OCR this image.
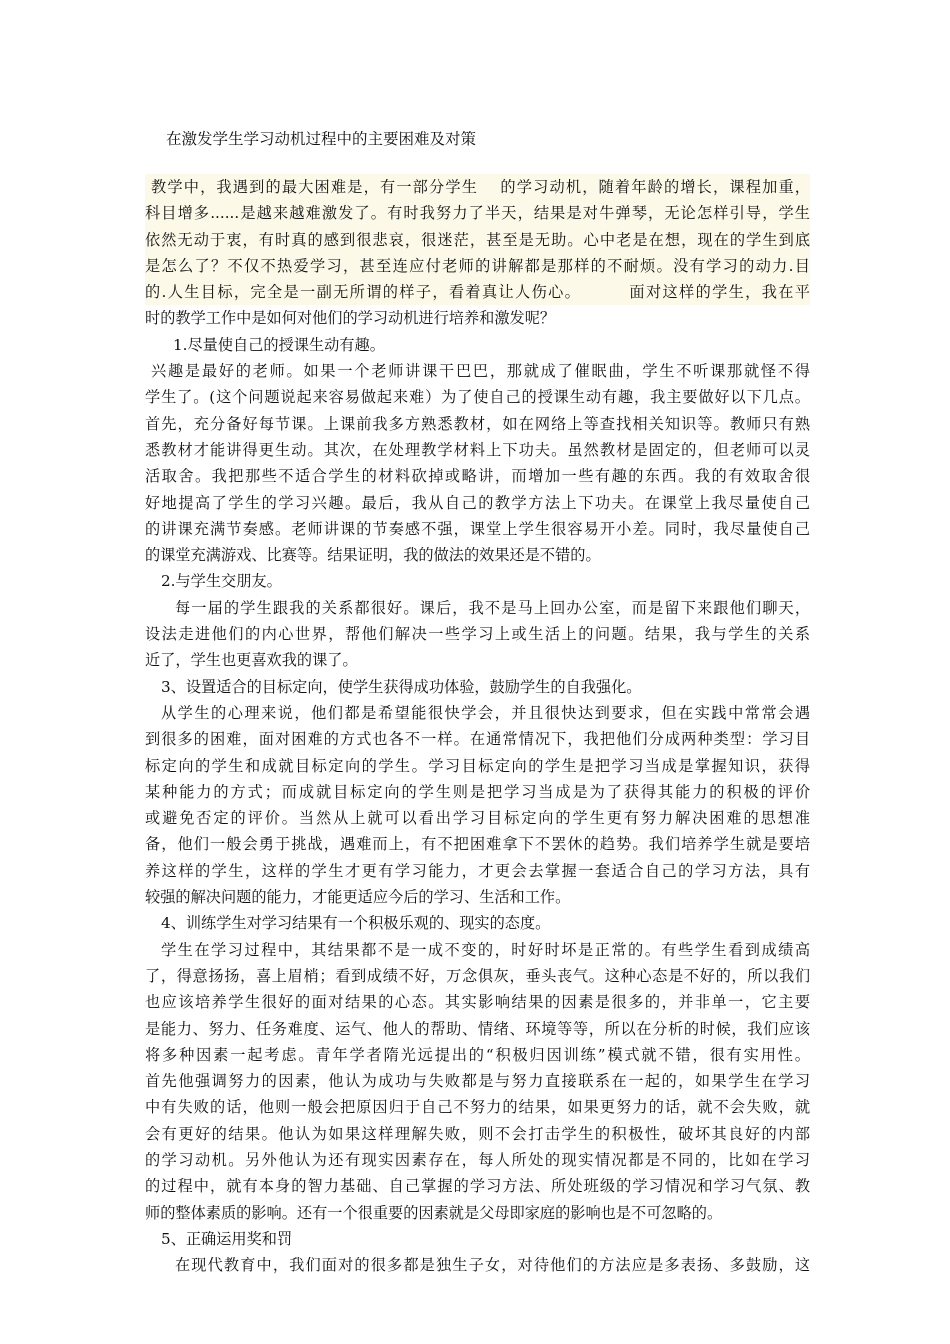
在激发学生学习动机过程中的主要困难及对策
教学中，我遇到的最大困难是，有一部分学生　 的学习动机，随着年龄的增长，课程加重，
科目增多......是越来越难激发了。有时我努力了半天，结果是对牛弹琴，无论怎样引导，学生
依然无动于衷，有时真的感到很悲哀，很迷茫，甚至是无助。心中老是在想，现在的学生到底
是怎么了？不仅不热爱学习，甚至连应付老师的讲解都是那样的不耐烦。没有学习的动力.目
的.人生目标，完全是一副无所谓的样子，看着真让人伤心。　　　 面对这样的学生，我在平
时的教学工作中是如何对他们的学习动机进行培养和激发呢？
1.尽量使自己的授课生动有趣。
兴趣是最好的老师。如果一个老师讲课干巴巴，那就成了催眠曲，学生不听课那就怪不得
学生了。(这个问题说起来容易做起来难）为了使自己的授课生动有趣，我主要做好以下几点。
首先，充分备好每节课。上课前我多方熟悉教材，如在网络上等查找相关知识等。教师只有熟
悉教材才能讲得更生动。其次，在处理教学材料上下功夫。虽然教材是固定的，但老师可以灵
活取舍。我把那些不适合学生的材料砍掉或略讲，而增加一些有趣的东西。我的有效取舍很
好地提高了学生的学习兴趣。最后，我从自己的教学方法上下功夫。在课堂上我尽量使自己
的讲课充满节奏感。老师讲课的节奏感不强，课堂上学生很容易开小差。同时，我尽量使自己
的课堂充满游戏、比赛等。结果证明，我的做法的效果还是不错的。
2.与学生交朋友。
每一届的学生跟我的关系都很好。课后，我不是马上回办公室，而是留下来跟他们聊天，
设法走进他们的内心世界，帮他们解决一些学习上或生活上的问题。结果，我与学生的关系
近了，学生也更喜欢我的课了。
3、设置适合的目标定向，使学生获得成功体验，鼓励学生的自我强化。
从学生的心理来说，他们都是希望能很快学会，并且很快达到要求，但在实践中常常会遇
到很多的困难，面对困难的方式也各不一样。在通常情况下，我把他们分成两种类型：学习目
标定向的学生和成就目标定向的学生。学习目标定向的学生是把学习当成是掌握知识，获得
某种能力的方式；而成就目标定向的学生则是把学习当成是为了获得其能力的积极的评价
或避免否定的评价。当然从上就可以看出学习目标定向的学生更有努力解决困难的思想准
备，他们一般会勇于挑战，遇难而上，有不把困难拿下不罢休的趋势。我们培养学生就是要培
养这样的学生，这样的学生才更有学习能力，才更会去掌握一套适合自己的学习方法，具有
较强的解决问题的能力，才能更适应今后的学习、生活和工作。
4、训练学生对学习结果有一个积极乐观的、现实的态度。
学生在学习过程中，其结果都不是一成不变的，时好时坏是正常的。有些学生看到成绩高
了，得意扬扬，喜上眉梢；看到成绩不好，万念俱灰，垂头丧气。这种心态是不好的，所以我们
也应该培养学生很好的面对结果的心态。其实影响结果的因素是很多的，并非单一，它主要
是能力、努力、任务难度、运气、他人的帮助、情绪、环境等等，所以在分析的时候，我们应该
将多种因素一起考虑。青年学者隋光远提出的“积极归因训练”模式就不错，很有实用性。
首先他强调努力的因素，他认为成功与失败都是与努力直接联系在一起的，如果学生在学习
中有失败的话，他则一般会把原因归于自己不努力的结果，如果更努力的话，就不会失败，就
会有更好的结果。他认为如果这样理解失败，则不会打击学生的积极性，破坏其良好的内部
的学习动机。另外他认为还有现实因素存在，每人所处的现实情况都是不同的，比如在学习
的过程中，就有本身的智力基础、自己掌握的学习方法、所处班级的学习情况和学习气氛、教
师的整体素质的影响。还有一个很重要的因素就是父母即家庭的影响也是不可忽略的。
5、正确运用奖和罚
在现代教育中，我们面对的很多都是独生子女，对待他们的方法应是多表扬、多鼓励，这
